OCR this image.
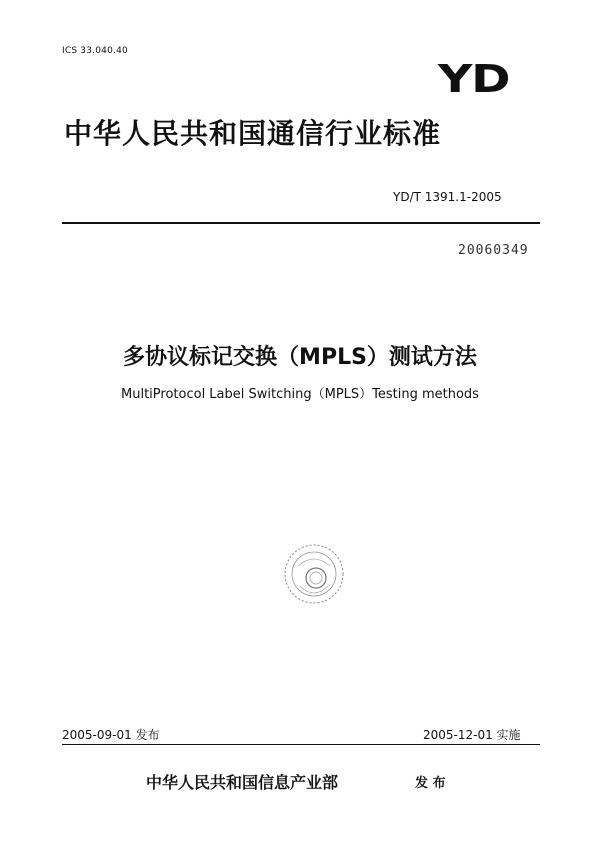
ICS 33.040.40
YD
中华人民共和国通信行业标准
YD/T 1391.1-2005
20060349
多协议标记交换（MPLS）测试方法
MultiProtocol Label Switching（MPLS）Testing methods
2005-09-01 发布	2005-12-01 实施
中华人民共和国信息产业部	发 布
